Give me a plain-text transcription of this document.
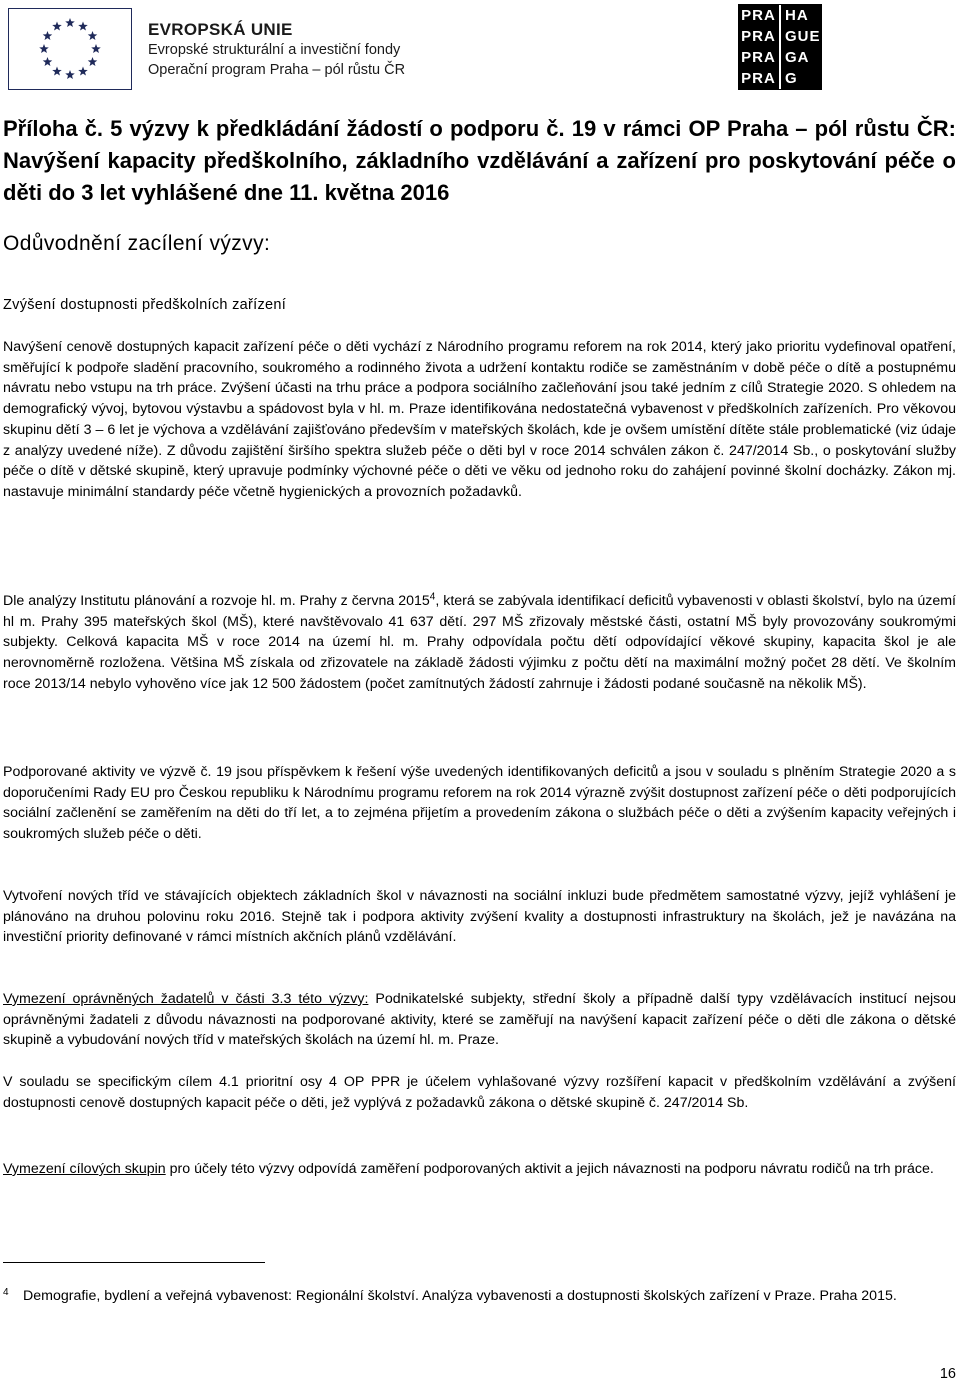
EVROPSKÁ UNIE
Evropské strukturální a investiční fondy
Operační program Praha – pól růstu ČR
PRA HA
PRA GUE
PRA GA
PRA G

Příloha č. 5 výzvy k předkládání žádostí o podporu č. 19 v rámci OP Praha – pól růstu ČR: Navýšení kapacity předškolního, základního vzdělávání a zařízení pro poskytování péče o děti do 3 let vyhlášené dne 11. května 2016

Odůvodnění zacílení výzvy:

Zvýšení dostupnosti předškolních zařízení

Navýšení cenově dostupných kapacit zařízení péče o děti vychází z Národního programu reforem na rok 2014, který jako prioritu vydefinoval opatření, směřující k podpoře sladění pracovního, soukromého a rodinného života a udržení kontaktu rodiče se zaměstnáním v době péče o dítě a postupnému návratu nebo vstupu na trh práce. Zvýšení účasti na trhu práce a podpora sociálního začleňování jsou také jedním z cílů Strategie 2020. S ohledem na demografický vývoj, bytovou výstavbu a spádovost byla v hl. m. Praze identifikována nedostatečná vybavenost v předškolních zařízeních. Pro věkovou skupinu dětí 3 – 6 let je výchova a vzdělávání zajišťováno především v mateřských školách, kde je ovšem umístění dítěte stále problematické (viz údaje z analýzy uvedené níže). Z důvodu zajištění širšího spektra služeb péče o děti byl v roce 2014 schválen zákon č. 247/2014 Sb., o poskytování služby péče o dítě v dětské skupině, který upravuje podmínky výchovné péče o děti ve věku od jednoho roku do zahájení povinné školní docházky. Zákon mj. nastavuje minimální standardy péče včetně hygienických a provozních požadavků.

Dle analýzy Institutu plánování a rozvoje hl. m. Prahy z června 2015$^4$, která se zabývala identifikací deficitů vybavenosti v oblasti školství, bylo na území hl m. Prahy 395 mateřských škol (MŠ), které navštěvovalo 41 637 dětí. 297 MŠ zřizovaly městské části, ostatní MŠ byly provozovány soukromými subjekty. Celková kapacita MŠ v roce 2014 na území hl. m. Prahy odpovídala počtu dětí odpovídající věkové skupiny, kapacita škol je ale nerovnoměrně rozložena. Většina MŠ získala od zřizovatele na základě žádosti výjimku z počtu dětí na maximální možný počet 28 dětí. Ve školním roce 2013/14 nebylo vyhověno více jak 12 500 žádostem (počet zamítnutých žádostí zahrnuje i žádosti podané současně na několik MŠ).

Podporované aktivity ve výzvě č. 19 jsou příspěvkem k řešení výše uvedených identifikovaných deficitů a jsou v souladu s plněním Strategie 2020 a s doporučeními Rady EU pro Českou republiku k Národnímu programu reforem na rok 2014 výrazně zvýšit dostupnost zařízení péče o děti podporujících sociální začlenění se zaměřením na děti do tří let, a to zejména přijetím a provedením zákona o službách péče o děti a zvýšením kapacity veřejných i soukromých služeb péče o děti.

Vytvoření nových tříd ve stávajících objektech základních škol v návaznosti na sociální inkluzi bude předmětem samostatné výzvy, jejíž vyhlášení je plánováno na druhou polovinu roku 2016. Stejně tak i podpora aktivity zvýšení kvality a dostupnosti infrastruktury na školách, jež je navázána na investiční priority definované v rámci místních akčních plánů vzdělávání.

Vymezení oprávněných žadatelů v části 3.3 této výzvy: Podnikatelské subjekty, střední školy a případně další typy vzdělávacích institucí nejsou oprávněnými žadateli z důvodu návaznosti na podporované aktivity, které se zaměřují na navýšení kapacit zařízení péče o děti dle zákona o dětské skupině a vybudování nových tříd v mateřských školách na území hl. m. Praze.

V souladu se specifickým cílem 4.1 prioritní osy 4 OP PPR je účelem vyhlašované výzvy rozšíření kapacit v předškolním vzdělávání a zvýšení dostupnosti cenově dostupných kapacit péče o děti, jež vyplývá z požadavků zákona o dětské skupině č. 247/2014 Sb.

Vymezení cílových skupin pro účely této výzvy odpovídá zaměření podporovaných aktivit a jejich návaznosti na podporu návratu rodičů na trh práce.

4	Demografie, bydlení a veřejná vybavenost: Regionální školství. Analýza vybavenosti a dostupnosti školských zařízení v Praze. Praha 2015.

16
